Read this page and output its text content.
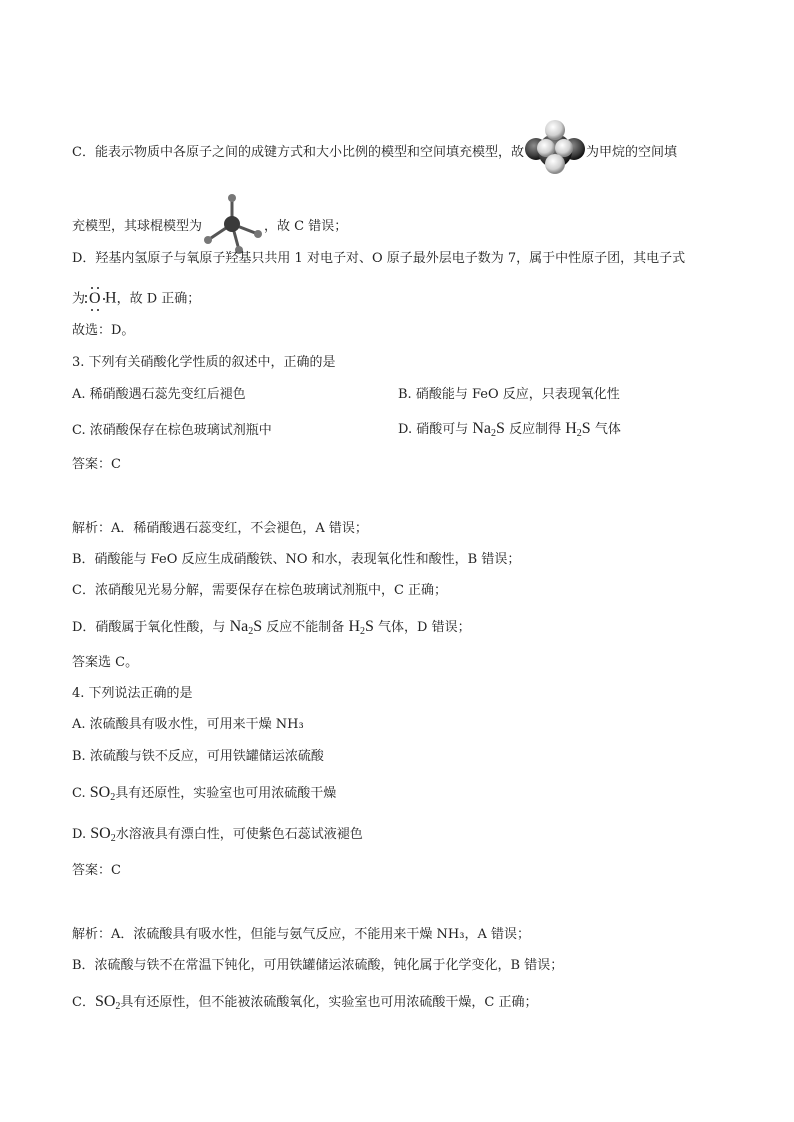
C．能表示物质中各原子之间的成键方式和大小比例的模型和空间填充模型，故	为甲烷的空间填
充模型，其球棍模型为	，故 C 错误；
D．羟基内氢原子与氧原子羟基只共用 1 对电子对、O 原子最外层电子数为 7，属于中性原子团，其电子式
为 O H，故 D 正确；
故选：D。
3. 下列有关硝酸化学性质的叙述中，正确的是
A. 稀硝酸遇石蕊先变红后褪色	B. 硝酸能与 FeO 反应，只表现氧化性
C. 浓硝酸保存在棕色玻璃试剂瓶中	D. 硝酸可与 $Na_2S$ 反应制得 $H_2S$ 气体
答案：C
解析：A．稀硝酸遇石蕊变红，不会褪色，A 错误；
B．硝酸能与 FeO 反应生成硝酸铁、NO 和水，表现氧化性和酸性，B 错误；
C．浓硝酸见光易分解，需要保存在棕色玻璃试剂瓶中，C 正确；
D．硝酸属于氧化性酸，与 $Na_2S$ 反应不能制备 $H_2S$ 气体，D 错误；
答案选 C。
4. 下列说法正确的是
A. 浓硫酸具有吸水性，可用来干燥 NH₃
B. 浓硫酸与铁不反应，可用铁罐储运浓硫酸
C. $SO_2$具有还原性，实验室也可用浓硫酸干燥
D. $SO_2$水溶液具有漂白性，可使紫色石蕊试液褪色
答案：C
解析：A．浓硫酸具有吸水性，但能与氨气反应，不能用来干燥 NH₃，A 错误；
B．浓硫酸与铁不在常温下钝化，可用铁罐储运浓硫酸，钝化属于化学变化，B 错误；
C．$SO_2$具有还原性，但不能被浓硫酸氧化，实验室也可用浓硫酸干燥，C 正确；
